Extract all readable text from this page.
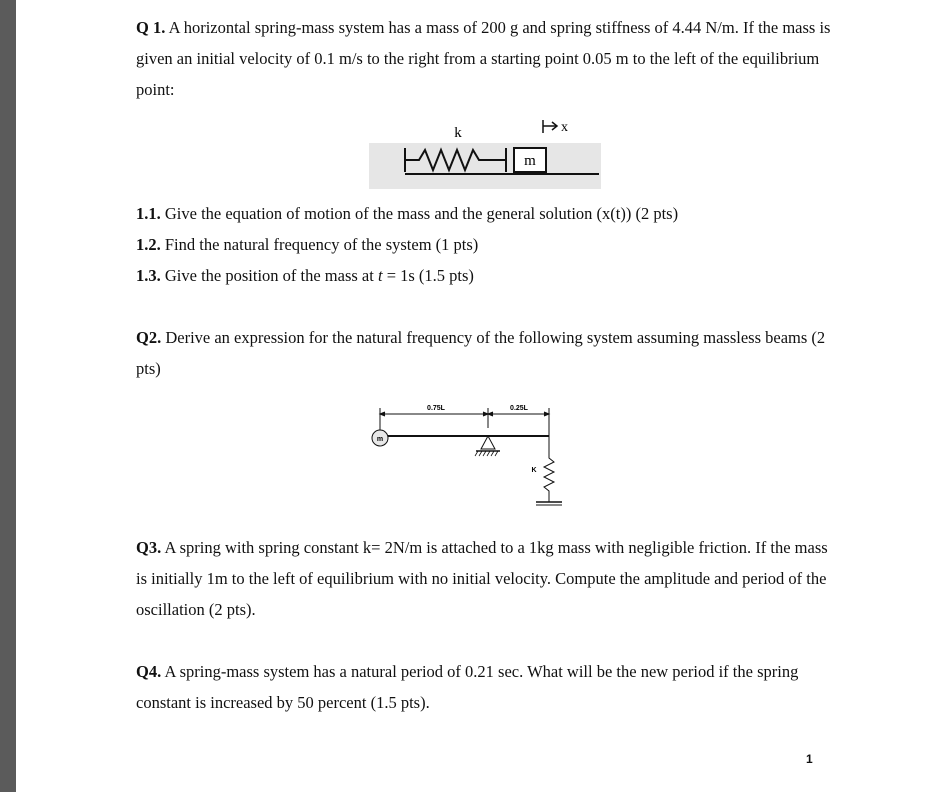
Q 1. A horizontal spring-mass system has a mass of 200 g and spring stiffness of 4.44 N/m. If the mass is given an initial velocity of 0.1 m/s to the right from a starting point 0.05 m to the left of the equilibrium point:

m
k	x

1.1. Give the equation of motion of the mass and the general solution (x(t)) (2 pts)

1.2. Find the natural frequency of the system (1 pts)

1.3. Give the position of the mass at t = 1s (1.5 pts)

Q2. Derive an expression for the natural frequency of the following system assuming massless beams (2 pts)

0.75L	0.25L
m
K

Q3. A spring with spring constant k= 2N/m is attached to a 1kg mass with negligible friction. If the mass is initially 1m to the left of equilibrium with no initial velocity. Compute the amplitude and period of the oscillation (2 pts).

Q4. A spring-mass system has a natural period of 0.21 sec. What will be the new period if the spring constant is increased by 50 percent (1.5 pts).

1
